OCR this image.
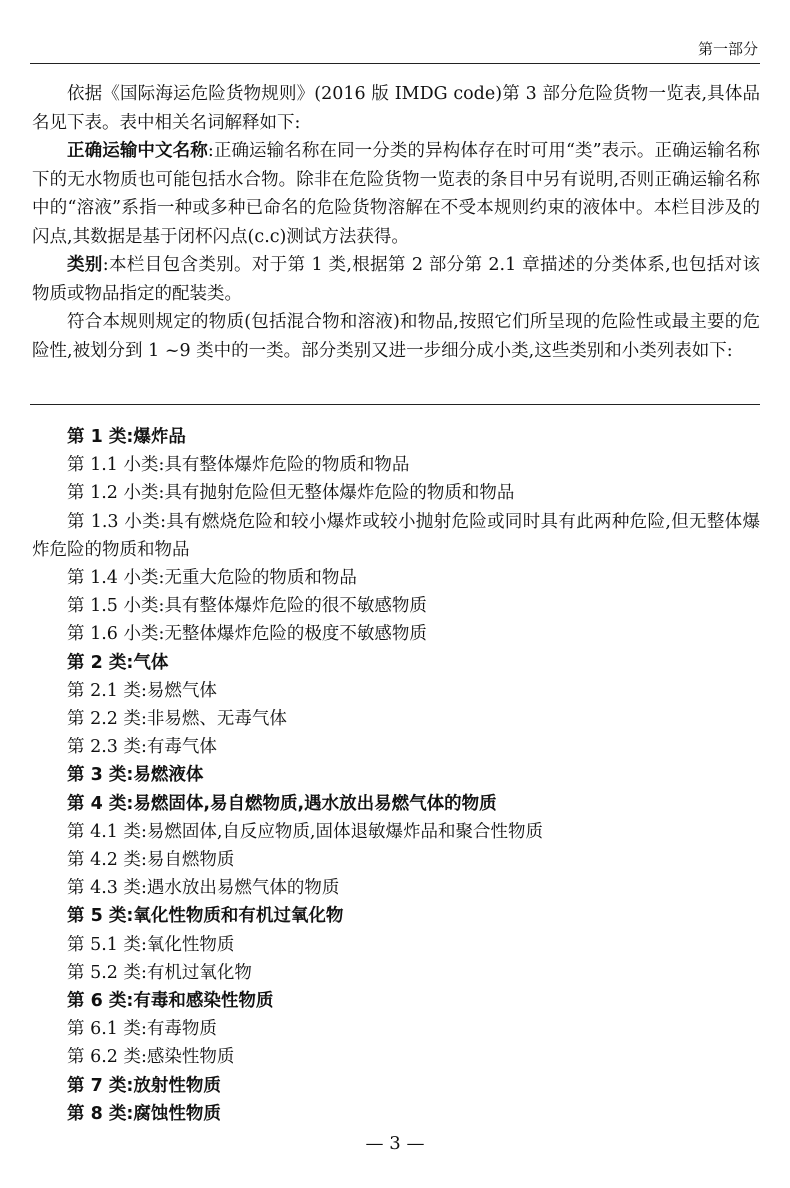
第一部分

依据《国际海运危险货物规则》(2016 版 IMDG code)第 3 部分危险货物一览表,具体品名见下表。表中相关名词解释如下:

正确运输中文名称:正确运输名称在同一分类的异构体存在时可用“类”表示。正确运输名称下的无水物质也可能包括水合物。除非在危险货物一览表的条目中另有说明,否则正确运输名称中的“溶液”系指一种或多种已命名的危险货物溶解在不受本规则约束的液体中。本栏目涉及的闪点,其数据是基于闭杯闪点(c.c)测试方法获得。

类别:本栏目包含类别。对于第 1 类,根据第 2 部分第 2.1 章描述的分类体系,也包括对该物质或物品指定的配装类。

符合本规则规定的物质(包括混合物和溶液)和物品,按照它们所呈现的危险性或最主要的危险性,被划分到 1 ~9 类中的一类。部分类别又进一步细分成小类,这些类别和小类列表如下:

第 1 类:爆炸品
第 1.1 小类:具有整体爆炸危险的物质和物品
第 1.2 小类:具有抛射危险但无整体爆炸危险的物质和物品
第 1.3 小类:具有燃烧危险和较小爆炸或较小抛射危险或同时具有此两种危险,但无整体爆炸危险的物质和物品
第 1.4 小类:无重大危险的物质和物品
第 1.5 小类:具有整体爆炸危险的很不敏感物质
第 1.6 小类:无整体爆炸危险的极度不敏感物质
第 2 类:气体
第 2.1 类:易燃气体
第 2.2 类:非易燃、无毒气体
第 2.3 类:有毒气体
第 3 类:易燃液体
第 4 类:易燃固体,易自燃物质,遇水放出易燃气体的物质
第 4.1 类:易燃固体,自反应物质,固体退敏爆炸品和聚合性物质
第 4.2 类:易自燃物质
第 4.3 类:遇水放出易燃气体的物质
第 5 类:氧化性物质和有机过氧化物
第 5.1 类:氧化性物质
第 5.2 类:有机过氧化物
第 6 类:有毒和感染性物质
第 6.1 类:有毒物质
第 6.2 类:感染性物质
第 7 类:放射性物质
第 8 类:腐蚀性物质
— 3 —
